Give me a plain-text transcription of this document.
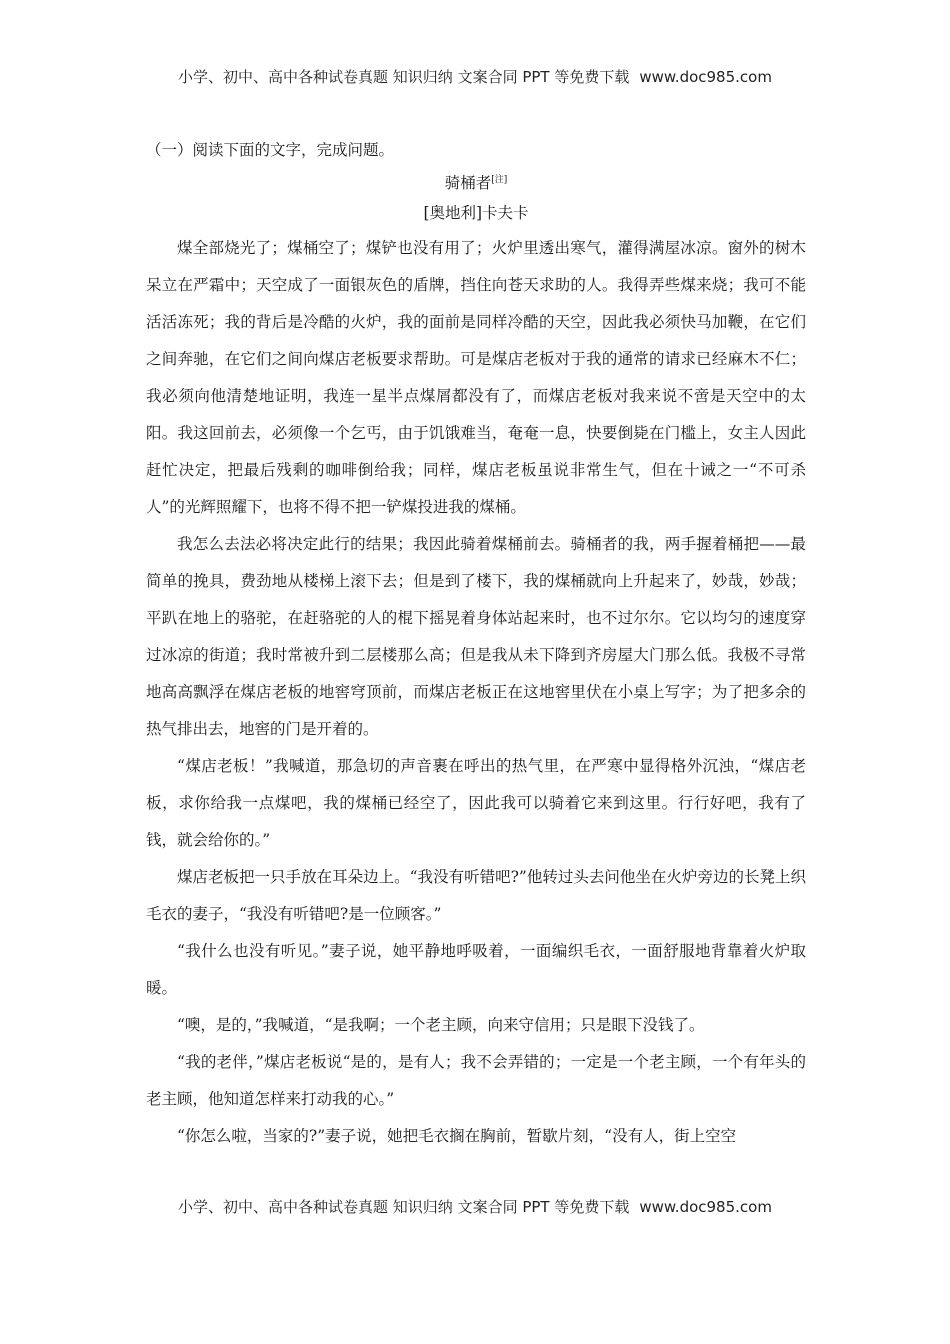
小学、初中、高中各种试卷真题 知识归纳 文案合同 PPT 等免费下载 www.doc985.com
（一）阅读下面的文字，完成问题。
骑桶者[注]
[奥地利]卡夫卡

煤全部烧光了；煤桶空了；煤铲也没有用了；火炉里透出寒气，灌得满屋冰凉。窗外的树木呆立在严霜中；天空成了一面银灰色的盾牌，挡住向苍天求助的人。我得弄些煤来烧；我可不能活活冻死；我的背后是冷酷的火炉，我的面前是同样冷酷的天空，因此我必须快马加鞭，在它们之间奔驰，在它们之间向煤店老板要求帮助。可是煤店老板对于我的通常的请求已经麻木不仁；我必须向他清楚地证明，我连一星半点煤屑都没有了，而煤店老板对我来说不啻是天空中的太阳。我这回前去，必须像一个乞丐，由于饥饿难当，奄奄一息，快要倒毙在门槛上，女主人因此赶忙决定，把最后残剩的咖啡倒给我；同样，煤店老板虽说非常生气，但在十诫之一“不可杀人”的光辉照耀下，也将不得不把一铲煤投进我的煤桶。

我怎么去法必将决定此行的结果；我因此骑着煤桶前去。骑桶者的我，两手握着桶把——最简单的挽具，费劲地从楼梯上滚下去；但是到了楼下，我的煤桶就向上升起来了，妙哉，妙哉；平趴在地上的骆驼，在赶骆驼的人的棍下摇晃着身体站起来时，也不过尔尔。它以均匀的速度穿过冰凉的街道；我时常被升到二层楼那么高；但是我从未下降到齐房屋大门那么低。我极不寻常地高高飘浮在煤店老板的地窖穹顶前，而煤店老板正在这地窖里伏在小桌上写字；为了把多余的热气排出去，地窖的门是开着的。

“煤店老板！”我喊道，那急切的声音裹在呼出的热气里，在严寒中显得格外沉浊，“煤店老板，求你给我一点煤吧，我的煤桶已经空了，因此我可以骑着它来到这里。行行好吧，我有了钱，就会给你的。”

煤店老板把一只手放在耳朵边上。“我没有听错吧?”他转过头去问他坐在火炉旁边的长凳上织毛衣的妻子，“我没有听错吧?是一位顾客。”

“我什么也没有听见。”妻子说，她平静地呼吸着，一面编织毛衣，一面舒服地背靠着火炉取暖。

“噢，是的，”我喊道，“是我啊；一个老主顾，向来守信用；只是眼下没钱了。

“我的老伴，”煤店老板说“是的，是有人；我不会弄错的；一定是一个老主顾，一个有年头的老主顾，他知道怎样来打动我的心。”

“你怎么啦，当家的?”妻子说，她把毛衣搁在胸前，暂歇片刻，“没有人，街上空空

小学、初中、高中各种试卷真题 知识归纳 文案合同 PPT 等免费下载 www.doc985.com
